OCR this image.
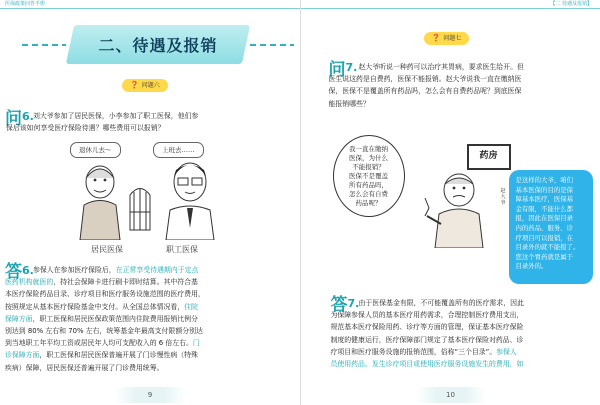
医保政策问答手册
二、待遇及报销
❓ 问题六
问 6. 刘大爷参加了居民医保，小李参加了职工医保，他们参
保后该如何享受医疗保险待遇？哪些费用可以报销？
退休儿去～	上班去……
居民医保	职工医保
答 6. 参保人在参加医疗保险后，在正常享受待遇期内于定点
医药机构就医的，持社会保障卡进行刷卡即时结算。其中符合基
本医疗保险药品目录、诊疗项目和医疗服务设施范围的医疗费用，
按照规定从基本医疗保险基金中支付。从全国总体情况看，住院
保障方面，职工医保和居民医保政策范围内住院费用报销比例分
别达到 80% 左右和 70% 左右，统筹基金年最高支付限额分别达
到当地职工年平均工资或居民年人均可支配收入的 6 倍左右。门
诊保障方面，职工医保和居民医保普遍开展了门诊慢性病（特殊
疾病）保障，居民医保还普遍开展了门诊费用统筹。
9
【二 待遇及报销】
❓ 问题七
问 7. 赵大爷听说一种药可以治疗其胃病，要求医生给开。但
医生说这药是自费药，医保不能报销。赵大爷说我一直在缴纳医
保，医保不是覆盖所有药品吗，怎么会有自费药品呢？到底医保
能报销哪些？
我一直在缴纳
医保，为什么
不能报销？
医保不是覆盖
所有药品吗，
怎么会有自费
药品呢？
药房
赵大爷
是这样的大爷，咱们
基本医保的目的是保
障基本医疗，医保基
金有限，不能什么都
报，因此在医保目录
内的药品、服务、诊
疗项目可以报销，在
目录外的就不能报了。
您这个胃药就是属于
目录外的。
答 7. 由于医保基金有限，不可能覆盖所有的医疗需求，因此
为保障参保人员的基本医疗用药需求，合理控制医疗费用支出，
规范基本医疗保险用药、诊疗等方面的管理，保证基本医疗保险
制度的健康运行，医疗保障部门规定了基本医疗保险对药品、诊
疗项目和医疗服务设施的报销范围，俗称“三个目录”。参保人
员使用药品、发生诊疗项目或使用医疗服务设施发生的费用，如
10
